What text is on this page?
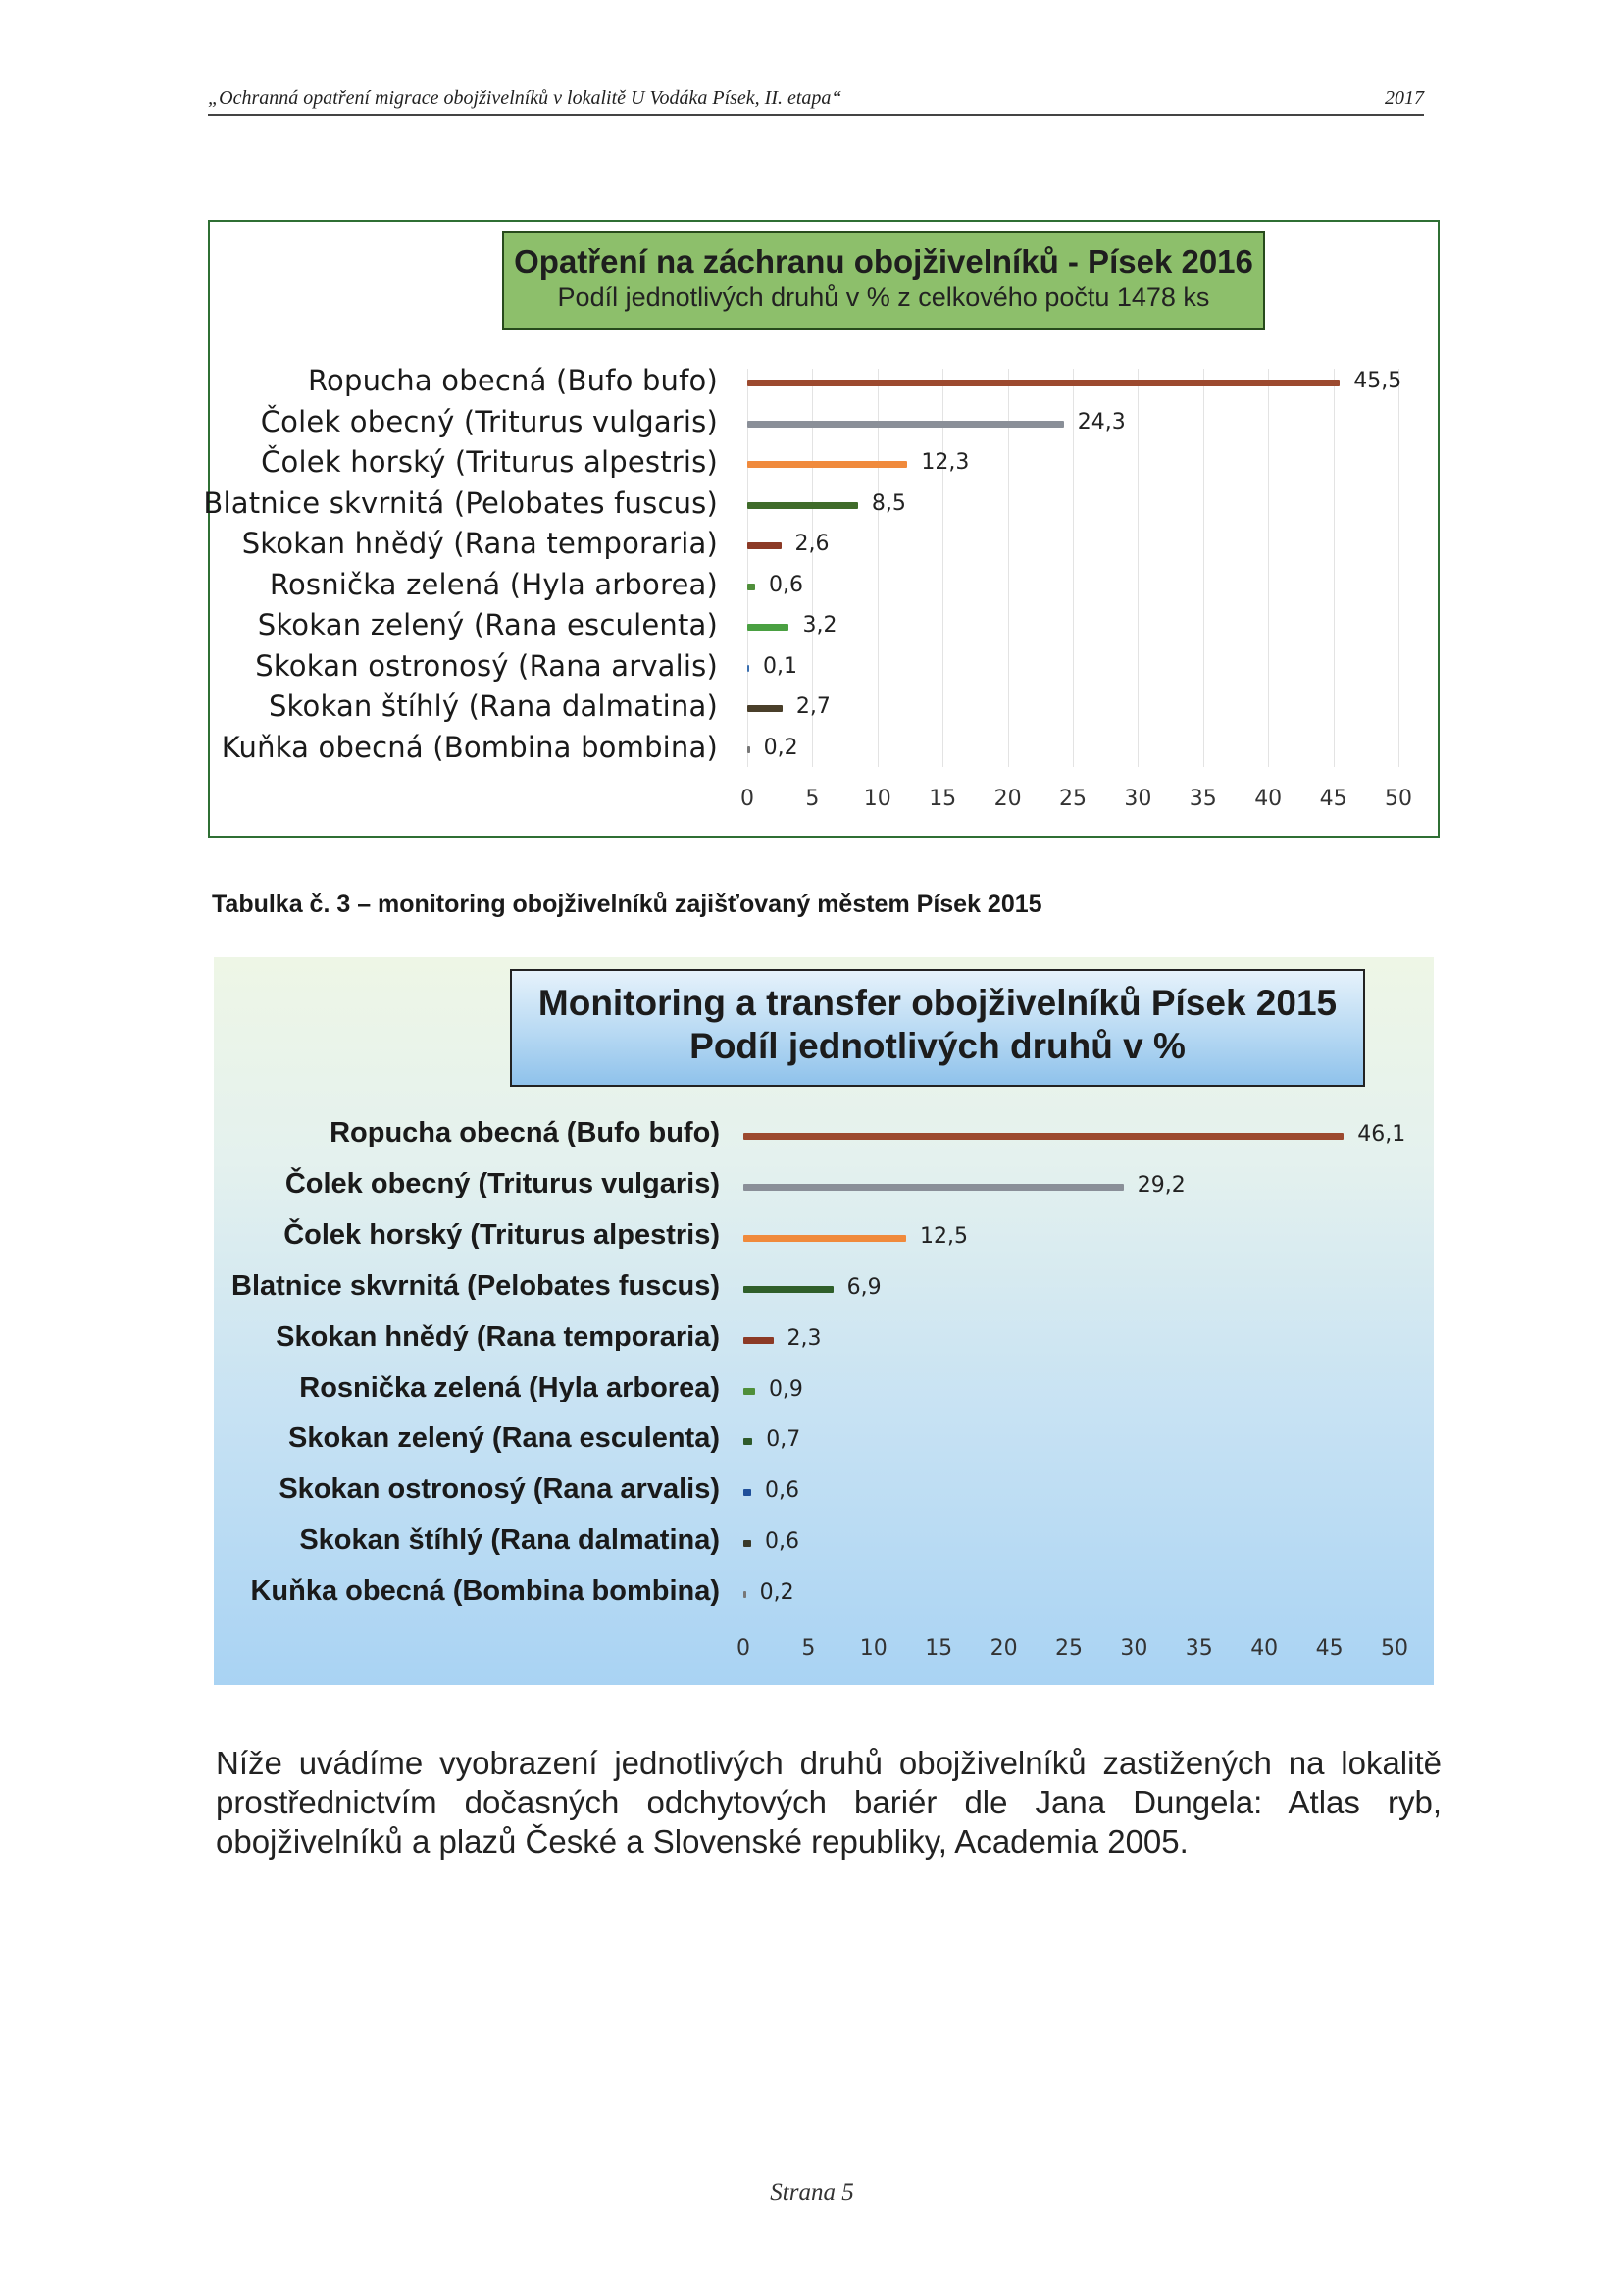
„Ochranná opatření migrace obojživelníků v lokalitě U Vodáka Písek, II. etapa“	2017
Opatření na záchranu obojživelníků - Písek 2016
Podíl jednotlivých druhů v % z celkového počtu 1478 ks
Ropucha obecná (Bufo bufo)	45,5
Čolek obecný (Triturus vulgaris)	24,3
Čolek horský (Triturus alpestris)	12,3
Blatnice skvrnitá (Pelobates fuscus)	8,5
Skokan hnědý (Rana temporaria)	2,6
Rosnička zelená (Hyla arborea) 0,6
Skokan zelený (Rana esculenta)	3,2
Skokan ostronosý (Rana arvalis) 0,1
Skokan štíhlý (Rana dalmatina)	2,7
Kuňka obecná (Bombina bombina) 0,2
0 5 10 15 20 25 30 35 40 45 50
Tabulka č. 3 – monitoring obojživelníků zajišťovaný městem Písek 2015
Monitoring a transfer obojživelníků Písek 2015
Podíl jednotlivých druhů v %
Ropucha obecná (Bufo bufo)	46,1
Čolek obecný (Triturus vulgaris)	29,2
Čolek horský (Triturus alpestris)	12,5
Blatnice skvrnitá (Pelobates fuscus)	6,9
Skokan hnědý (Rana temporaria)	2,3
Rosnička zelená (Hyla arborea) 0,9
Skokan zelený (Rana esculenta) 0,7
Skokan ostronosý (Rana arvalis) 0,6
Skokan štíhlý (Rana dalmatina) 0,6
Kuňka obecná (Bombina bombina) 0,2
0 5 10 15 20 25 30 35 40 45 50
Níže uvádíme vyobrazení jednotlivých druhů obojživelníků zastižených na lokalitě prostřednictvím dočasných odchytových bariér dle Jana Dungela: Atlas ryb, obojživelníků a plazů České a Slovenské republiky, Academia 2005.
Strana 5
